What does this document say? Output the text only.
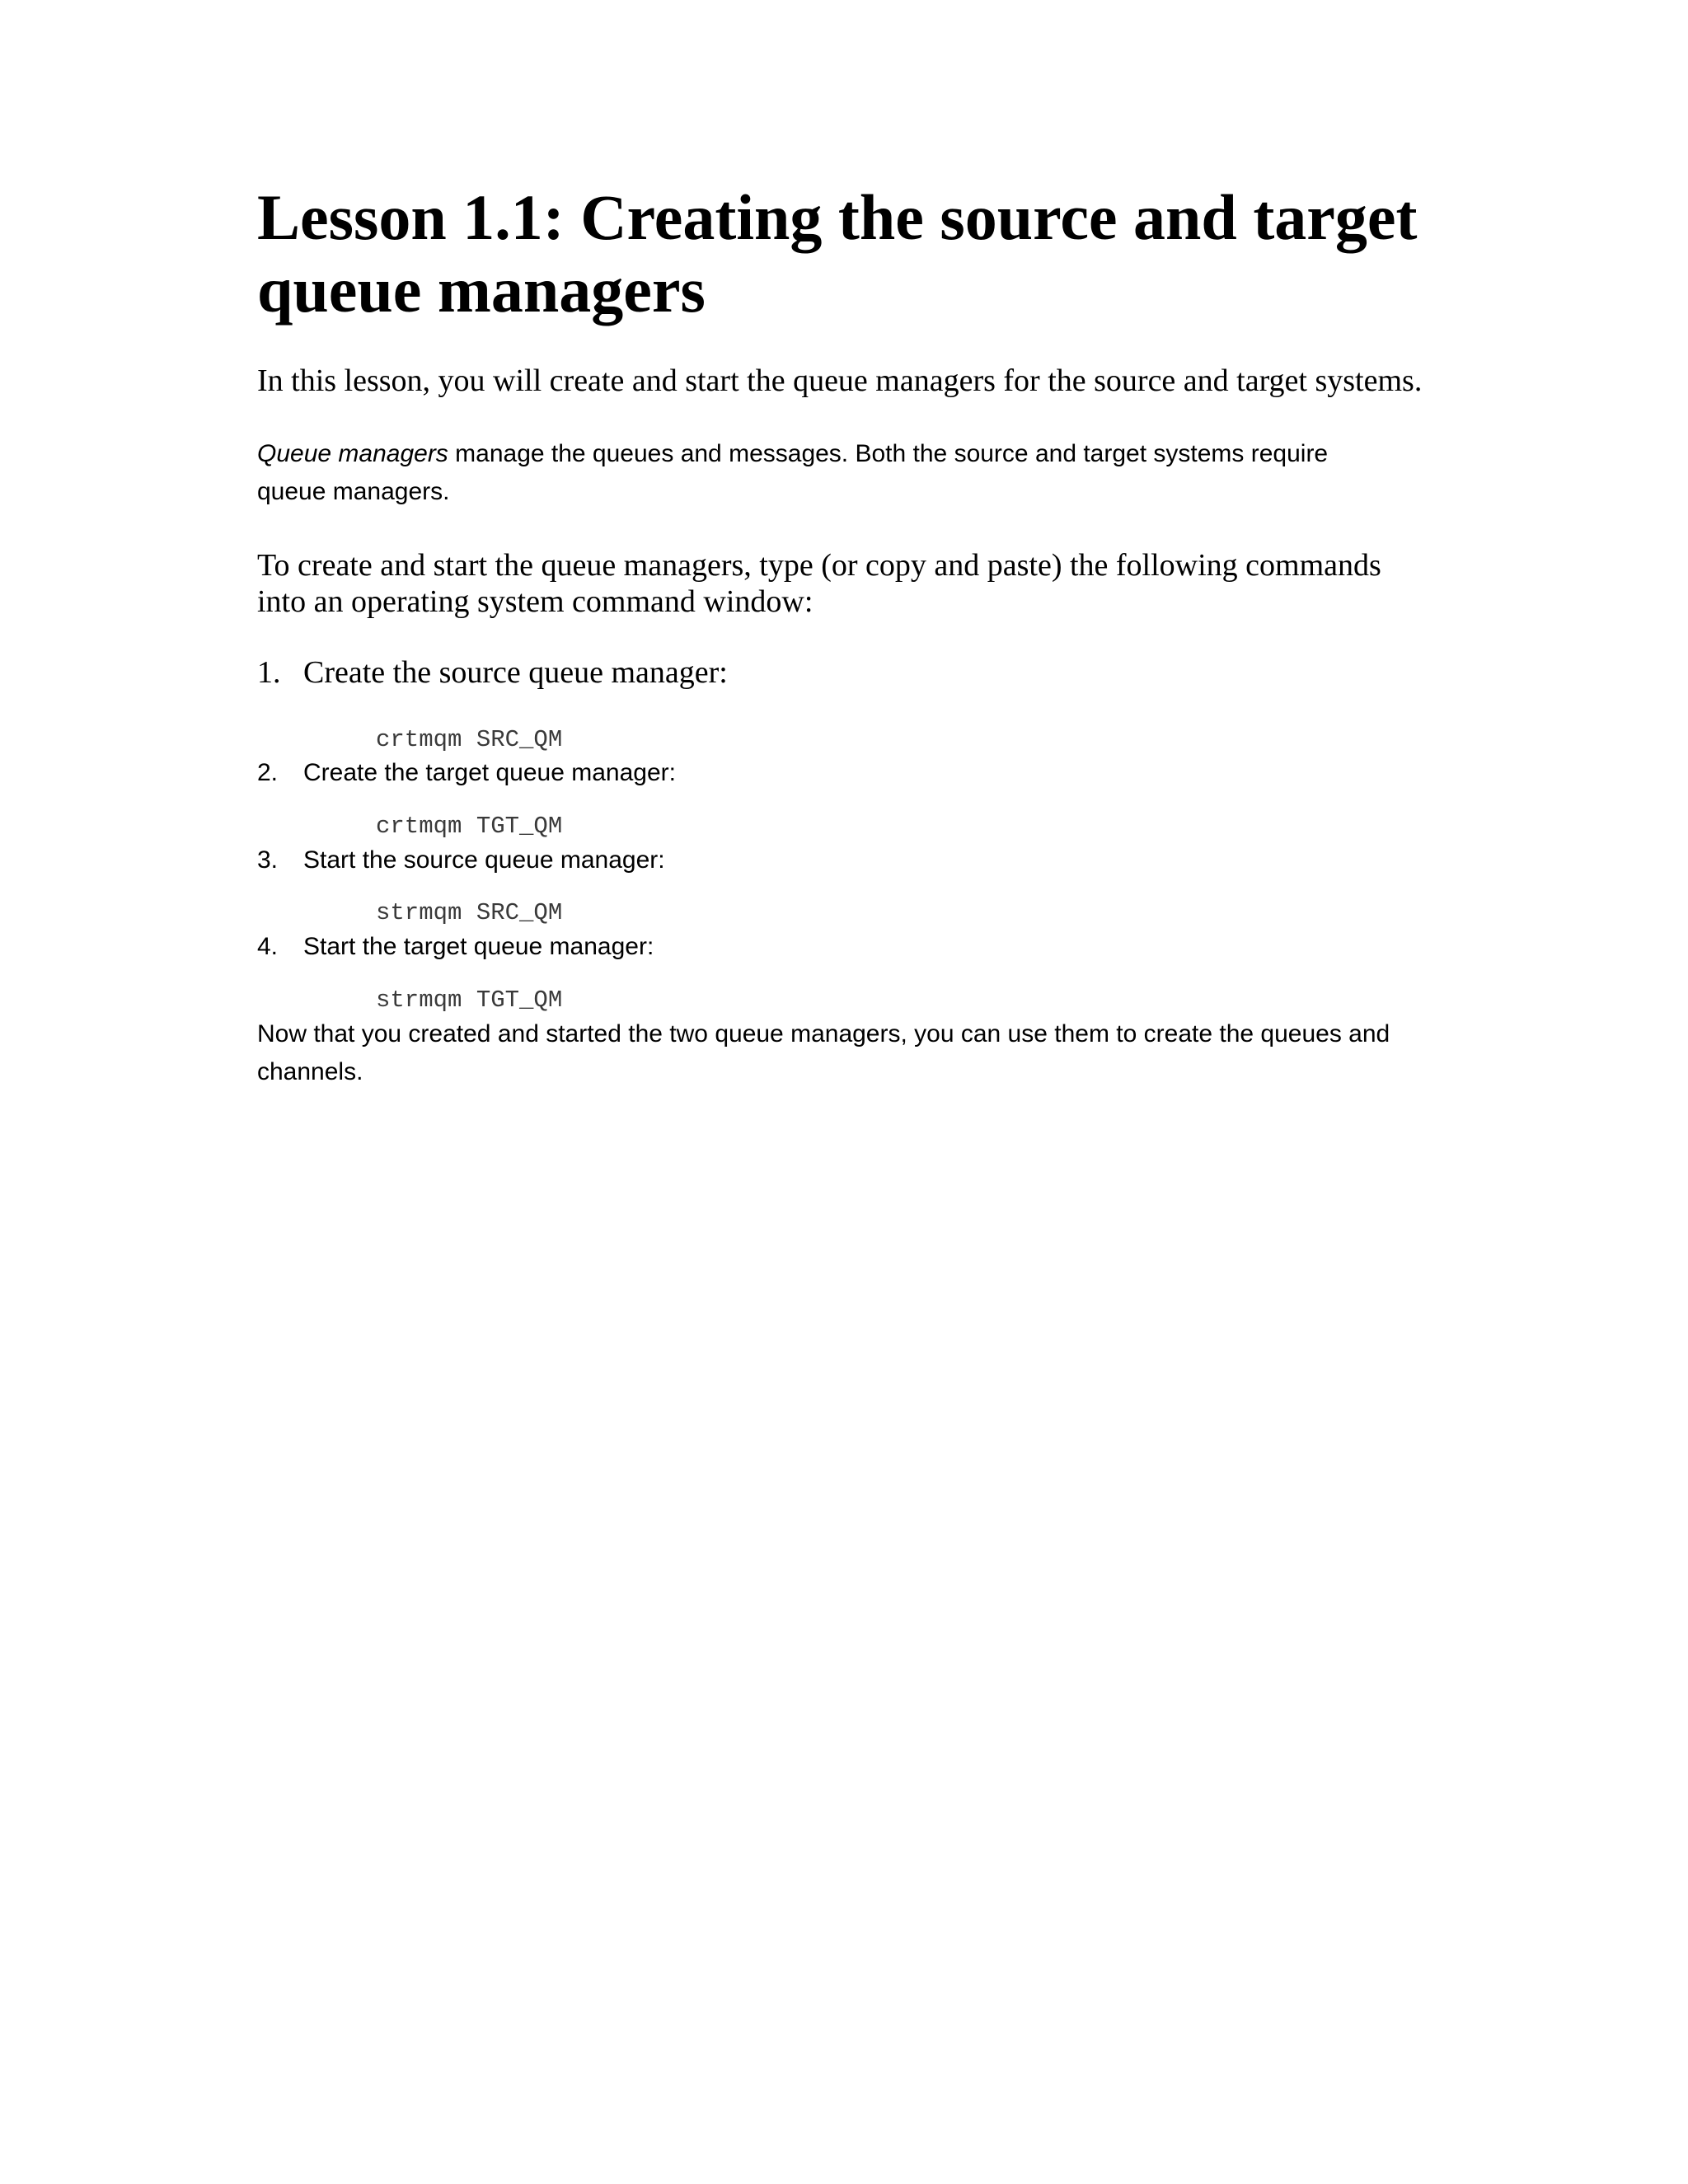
Lesson 1.1: Creating the source and target queue managers

In this lesson, you will create and start the queue managers for the source and target systems.

Queue managers manage the queues and messages. Both the source and target systems require queue managers.

To create and start the queue managers, type (or copy and paste) the following commands into an operating system command window:

1. Create the source queue manager:
crtmqm SRC_QM
2. Create the target queue manager:
crtmqm TGT_QM
3. Start the source queue manager:
strmqm SRC_QM
4. Start the target queue manager:
strmqm TGT_QM

Now that you created and started the two queue managers, you can use them to create the queues and channels.
